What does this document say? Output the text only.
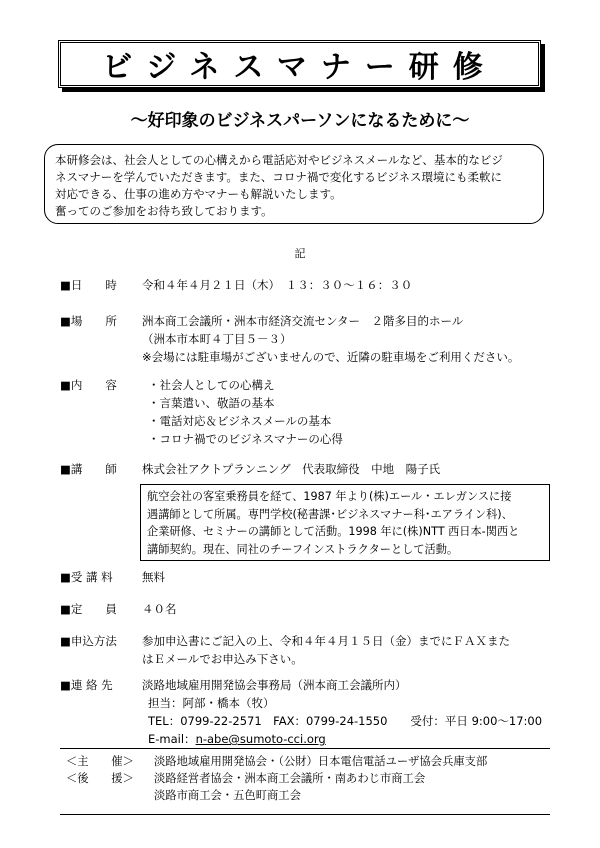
ビジネスマナー研修
～好印象のビジネスパーソンになるために～

本研修会は、社会人としての心構えから電話応対やビジネスメールなど、基本的なビジ

ネスマナーを学んでいただきます。また、コロナ禍で変化するビジネス環境にも柔軟に

対応できる、仕事の進め方やマナーも解説いたします。

奮ってのご参加をお待ち致しております。

記
■日　　時	令和４年４月２１日（木）　１３：３０～１６：３０
■場　　所	洲本商工会議所・洲本市経済交流センター　２階多目的ホール

（洲本市本町４丁目５－３）

※会場には駐車場がございませんので、近隣の駐車場をご利用ください。

■内　　容	・社会人としての心構え

・言葉遣い、敬語の基本

・電話対応＆ビジネスメールの基本

・コロナ禍でのビジネスマナーの心得

■講　　師	株式会社アクトプランニング　代表取締役　中地　陽子氏

航空会社の客室乗務員を経て、1987 年より(株)エール・エレガンスに接

遇講師として所属。専門学校(秘書課･ビジネスマナー科･エアライン科)、

企業研修、セミナーの講師として活動。1998 年に(株)NTT 西日本-関西と

講師契約。現在、同社のチーフインストラクターとして活動。

■受 講 料	無料
■定　　員	４０名
■申込方法	参加申込書にご記入の上、令和４年４月１５日（金）までにＦＡＸまた

はＥメールでお申込み下さい。

■連 絡 先	淡路地域雇用開発協会事務局（洲本商工会議所内）

担当：阿部・橋本（牧）

TEL：0799-22-2571　FAX：0799-24-1550　　受付：平日 9:00～17:00

E-mail：n-abe@sumoto-cci.org

＜主　　催＞	淡路地域雇用開発協会・（公財）日本電信電話ユーザ協会兵庫支部
＜後　　援＞	淡路経営者協会・洲本商工会議所・南あわじ市商工会
淡路市商工会・五色町商工会
